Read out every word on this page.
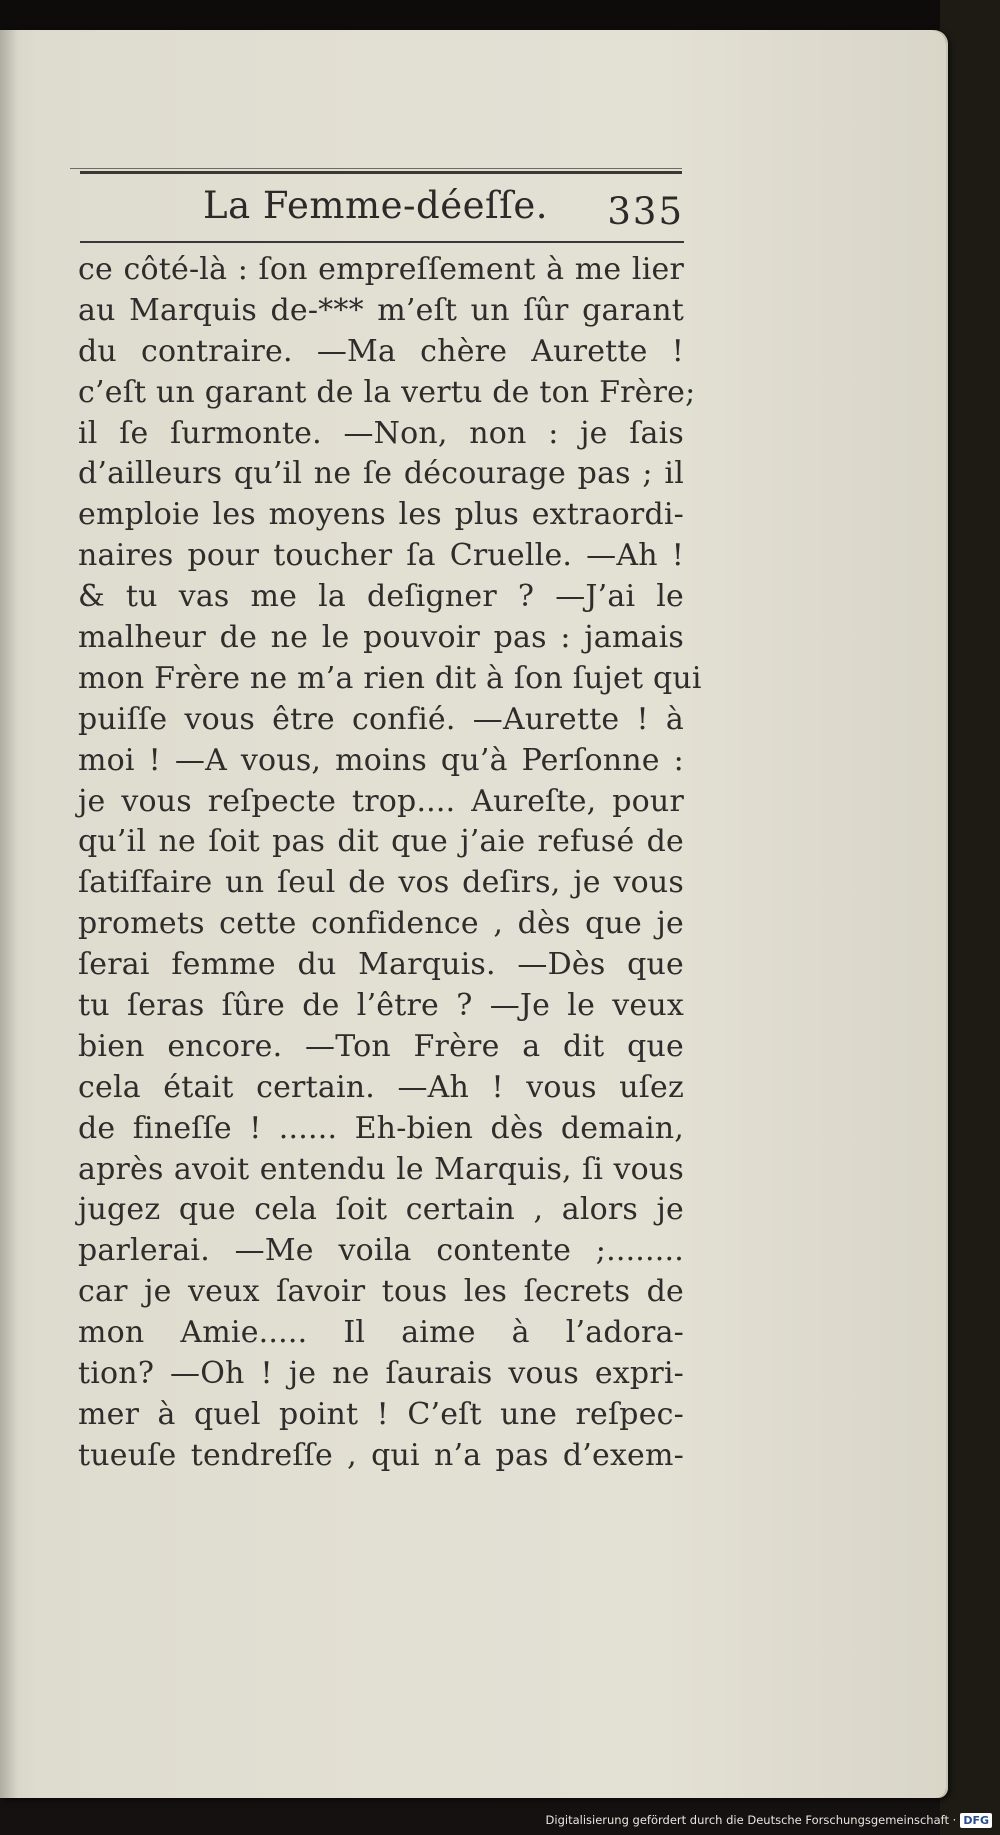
La Femme-déeſſe. 335
ce côté-là : ſon empreſſement à me lier
au Marquis de-*** m’eſt un ſûr garant
du contraire. —Ma chère Aurette !
c’eſt un garant de la vertu de ton Frère;
il ſe ſurmonte. —Non, non : je ſais
d’ailleurs qu’il ne ſe décourage pas ; il
emploie les moyens les plus extraordi-
naires pour toucher ſa Cruelle. —Ah !
& tu vas me la deſigner ? —J’ai le
malheur de ne le pouvoir pas : jamais
mon Frère ne m’a rien dit à ſon ſujet qui
puiſſe vous être confié. —Aurette ! à
moi ! —A vous, moins qu’à Perſonne :
je vous reſpecte trop.... Aureſte, pour
qu’il ne ſoit pas dit que j’aie refusé de
ſatiſfaire un ſeul de vos deſirs, je vous
promets cette confidence , dès que je
ſerai femme du Marquis. —Dès que
tu ſeras ſûre de l’être ? —Je le veux
bien encore. —Ton Frère a dit que
cela était certain. —Ah ! vous uſez
de fineſſe ! ...... Eh-bien dès demain,
après avoit entendu le Marquis, ſi vous
jugez que cela ſoit certain , alors je
parlerai. —Me voila contente ;........
car je veux ſavoir tous les ſecrets de
mon Amie..... Il aime à l’adora-
tion? —Oh ! je ne ſaurais vous expri-
mer à quel point ! C’eſt une reſpec-
tueuſe tendreſſe , qui n’a pas d’exem-
Digitalisierung gefördert durch die Deutsche Forschungsgemeinschaft · DFG
